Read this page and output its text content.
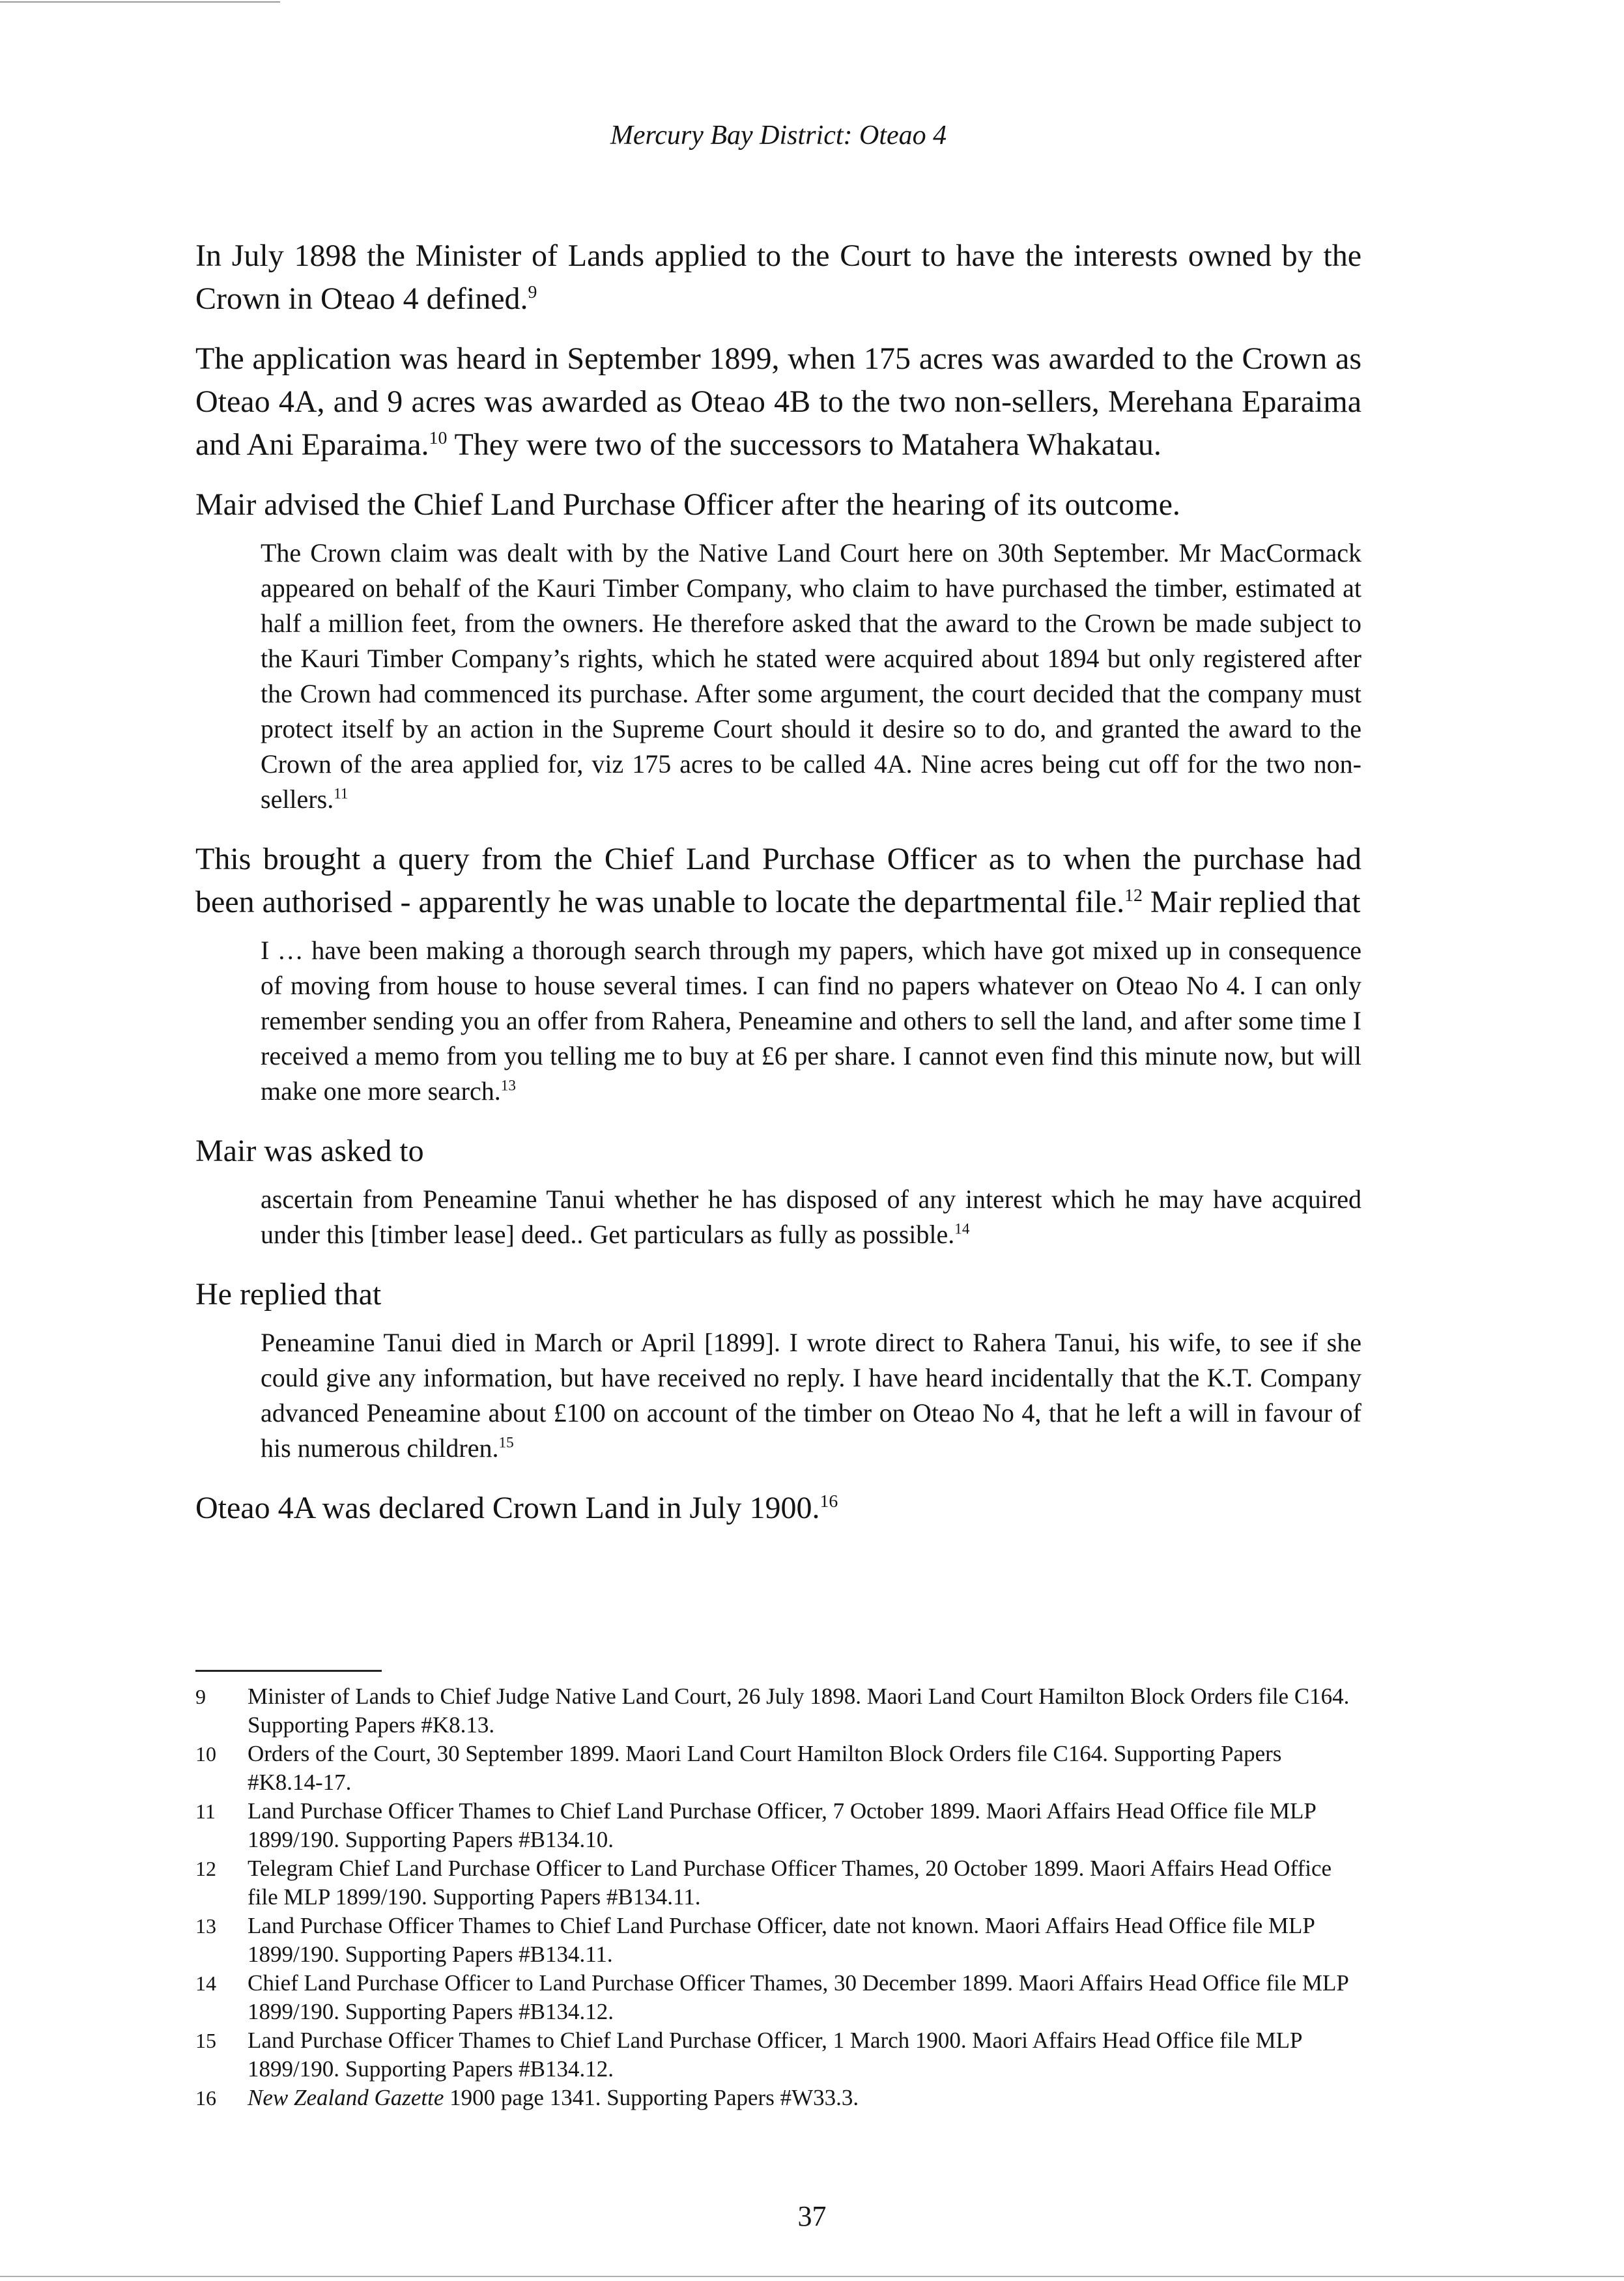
Mercury Bay District: Oteao 4

In July 1898 the Minister of Lands applied to the Court to have the interests owned by the Crown in Oteao 4 defined.$^9$

The application was heard in September 1899, when 175 acres was awarded to the Crown as Oteao 4A, and 9 acres was awarded as Oteao 4B to the two non-sellers, Merehana Eparaima and Ani Eparaima.$^{10}$ They were two of the successors to Matahera Whakatau.

Mair advised the Chief Land Purchase Officer after the hearing of its outcome.

The Crown claim was dealt with by the Native Land Court here on 30th September. Mr MacCormack appeared on behalf of the Kauri Timber Company, who claim to have purchased the timber, estimated at half a million feet, from the owners. He therefore asked that the award to the Crown be made subject to the Kauri Timber Company’s rights, which he stated were acquired about 1894 but only registered after the Crown had commenced its purchase. After some argument, the court decided that the company must protect itself by an action in the Supreme Court should it desire so to do, and granted the award to the Crown of the area applied for, viz 175 acres to be called 4A. Nine acres being cut off for the two non-sellers.$^{11}$

This brought a query from the Chief Land Purchase Officer as to when the purchase had been authorised - apparently he was unable to locate the departmental file.$^{12}$ Mair replied that

I … have been making a thorough search through my papers, which have got mixed up in consequence of moving from house to house several times. I can find no papers whatever on Oteao No 4. I can only remember sending you an offer from Rahera, Peneamine and others to sell the land, and after some time I received a memo from you telling me to buy at £6 per share. I cannot even find this minute now, but will make one more search.$^{13}$

Mair was asked to

ascertain from Peneamine Tanui whether he has disposed of any interest which he may have acquired under this [timber lease] deed.. Get particulars as fully as possible.$^{14}$

He replied that

Peneamine Tanui died in March or April [1899]. I wrote direct to Rahera Tanui, his wife, to see if she could give any information, but have received no reply. I have heard incidentally that the K.T. Company advanced Peneamine about £100 on account of the timber on Oteao No 4, that he left a will in favour of his numerous children.$^{15}$

Oteao 4A was declared Crown Land in July 1900.16

9	Minister of Lands to Chief Judge Native Land Court, 26 July 1898. Maori Land Court Hamilton Block Orders file C164. Supporting Papers #K8.13.
10	Orders of the Court, 30 September 1899. Maori Land Court Hamilton Block Orders file C164. Supporting Papers #K8.14-17.
11	Land Purchase Officer Thames to Chief Land Purchase Officer, 7 October 1899. Maori Affairs Head Office file MLP 1899/190. Supporting Papers #B134.10.
12	Telegram Chief Land Purchase Officer to Land Purchase Officer Thames, 20 October 1899. Maori Affairs Head Office file MLP 1899/190. Supporting Papers #B134.11.
13	Land Purchase Officer Thames to Chief Land Purchase Officer, date not known. Maori Affairs Head Office file MLP 1899/190. Supporting Papers #B134.11.
14	Chief Land Purchase Officer to Land Purchase Officer Thames, 30 December 1899. Maori Affairs Head Office file MLP 1899/190. Supporting Papers #B134.12.
15	Land Purchase Officer Thames to Chief Land Purchase Officer, 1 March 1900. Maori Affairs Head Office file MLP 1899/190. Supporting Papers #B134.12.
16	New Zealand Gazette 1900 page 1341. Supporting Papers #W33.3.
37
